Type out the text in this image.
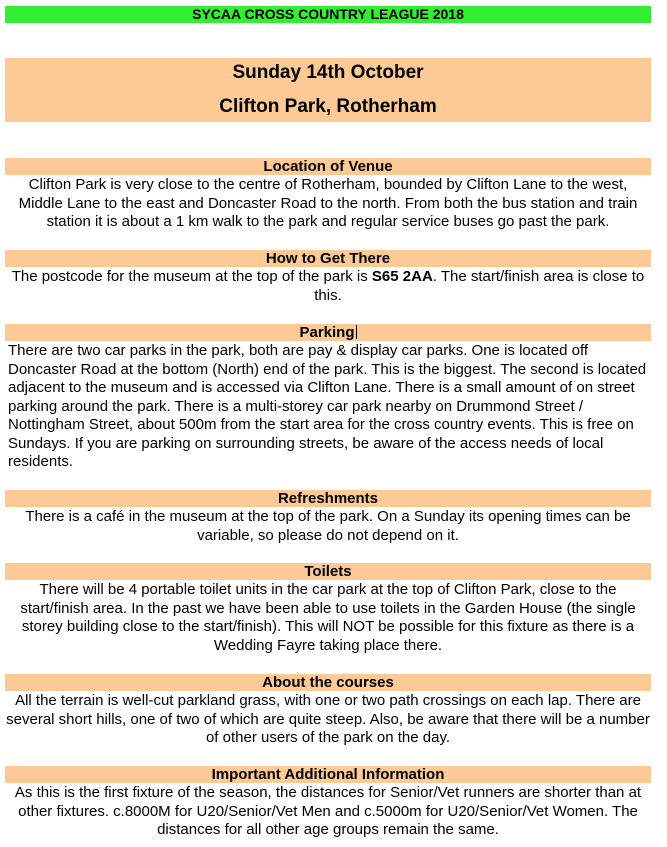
SYCAA CROSS COUNTRY LEAGUE 2018
Sunday 14th October
Clifton Park, Rotherham
Location of Venue
Clifton Park is very close to the centre of Rotherham, bounded by Clifton Lane to the west, Middle Lane to the east and Doncaster Road to the north. From both the bus station and train station it is about a 1 km walk to the park and regular service buses go past the park.
How to Get There
The postcode for the museum at the top of the park is S65 2AA. The start/finish area is close to this.
Parking
There are two car parks in the park, both are pay & display car parks. One is located off Doncaster Road at the bottom (North) end of the park. This is the biggest. The second is located adjacent to the museum and is accessed via Clifton Lane. There is a small amount of on street parking around the park. There is a multi-storey car park nearby on Drummond Street / Nottingham Street, about 500m from the start area for the cross country events. This is free on Sundays. If you are parking on surrounding streets, be aware of the access needs of local residents.
Refreshments
There is a café in the museum at the top of the park. On a Sunday its opening times can be variable, so please do not depend on it.
Toilets
There will be 4 portable toilet units in the car park at the top of Clifton Park, close to the start/finish area. In the past we have been able to use toilets in the Garden House (the single storey building close to the start/finish). This will NOT be possible for this fixture as there is a Wedding Fayre taking place there.
About the courses
All the terrain is well-cut parkland grass, with one or two path crossings on each lap. There are several short hills, one of two of which are quite steep. Also, be aware that there will be a number of other users of the park on the day.
Important Additional Information
As this is the first fixture of the season, the distances for Senior/Vet runners are shorter than at other fixtures. c.8000M for U20/Senior/Vet Men and c.5000m for U20/Senior/Vet Women. The distances for all other age groups remain the same.
